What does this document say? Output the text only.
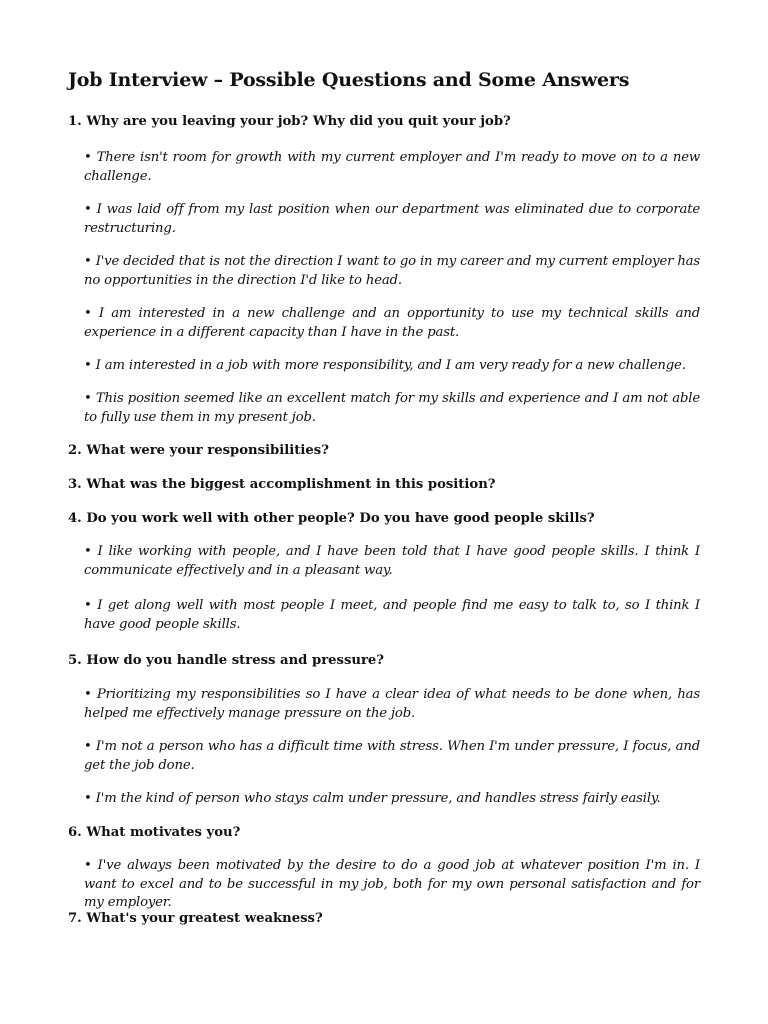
Job Interview – Possible Questions and Some Answers
1. Why are you leaving your job? Why did you quit your job?
• There isn't room for growth with my current employer and I'm ready to move on to a new challenge.
• I was laid off from my last position when our department was eliminated due to corporate restructuring.
• I've decided that is not the direction I want to go in my career and my current employer has no opportunities in the direction I'd like to head.
• I am interested in a new challenge and an opportunity to use my technical skills and experience in a different capacity than I have in the past.
• I am interested in a job with more responsibility, and I am very ready for a new challenge.
• This position seemed like an excellent match for my skills and experience and I am not able to fully use them in my present job.
2. What were your responsibilities?
3. What was the biggest accomplishment in this position?
4. Do you work well with other people? Do you have good people skills?
• I like working with people, and I have been told that I have good people skills. I think I communicate effectively and in a pleasant way.
• I get along well with most people I meet, and people find me easy to talk to, so I think I have good people skills.
5. How do you handle stress and pressure?
• Prioritizing my responsibilities so I have a clear idea of what needs to be done when, has helped me effectively manage pressure on the job.
• I'm not a person who has a difficult time with stress. When I'm under pressure, I focus, and get the job done.
• I'm the kind of person who stays calm under pressure, and handles stress fairly easily.
6. What motivates you?
• I've always been motivated by the desire to do a good job at whatever position I'm in. I want to excel and to be successful in my job, both for my own personal satisfaction and for my employer.
7. What's your greatest weakness?
